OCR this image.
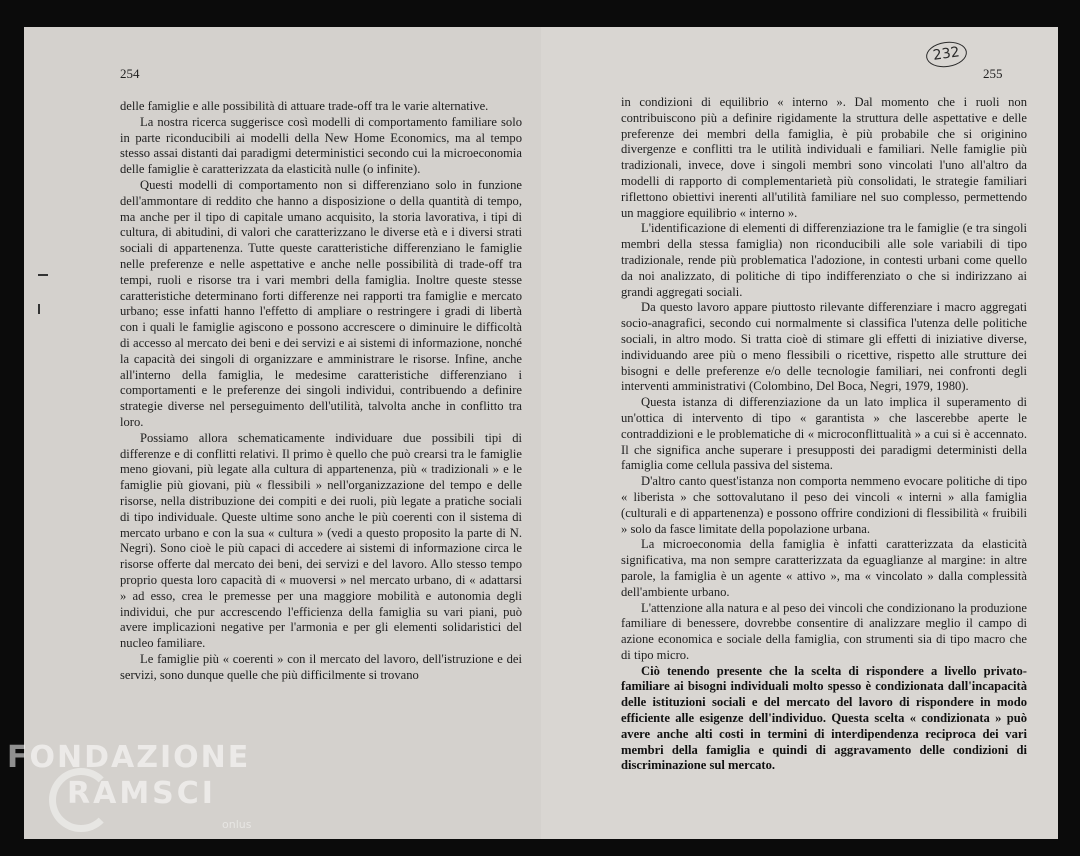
254

delle famiglie e alle possibilità di attuare trade-off tra le varie alternative.

La nostra ricerca suggerisce così modelli di comportamento familiare solo in parte riconducibili ai modelli della New Home Economics, ma al tempo stesso assai distanti dai paradigmi deterministici secondo cui la microeconomia delle famiglie è caratterizzata da elasticità nulle (o infinite).

Questi modelli di comportamento non si differenziano solo in funzione dell'ammontare di reddito che hanno a disposizione o della quantità di tempo, ma anche per il tipo di capitale umano acquisito, la storia lavorativa, i tipi di cultura, di abitudini, di valori che caratterizzano le diverse età e i diversi strati sociali di appartenenza. Tutte queste caratteristiche differenziano le famiglie nelle preferenze e nelle aspettative e anche nelle possibilità di trade-off tra tempi, ruoli e risorse tra i vari membri della famiglia. Inoltre queste stesse caratteristiche determinano forti differenze nei rapporti tra famiglie e mercato urbano; esse infatti hanno l'effetto di ampliare o restringere i gradi di libertà con i quali le famiglie agiscono e possono accrescere o diminuire le difficoltà di accesso al mercato dei beni e dei servizi e ai sistemi di informazione, nonché la capacità dei singoli di organizzare e amministrare le risorse. Infine, anche all'interno della famiglia, le medesime caratteristiche differenziano i comportamenti e le preferenze dei singoli individui, contribuendo a definire strategie diverse nel perseguimento dell'utilità, talvolta anche in conflitto tra loro.

Possiamo allora schematicamente individuare due possibili tipi di differenze e di conflitti relativi. Il primo è quello che può crearsi tra le famiglie meno giovani, più legate alla cultura di appartenenza, più « tradizionali » e le famiglie più giovani, più « flessibili » nell'organizzazione del tempo e delle risorse, nella distribuzione dei compiti e dei ruoli, più legate a pratiche sociali di tipo individuale. Queste ultime sono anche le più coerenti con il sistema di mercato urbano e con la sua « cultura » (vedi a questo proposito la parte di N. Negri). Sono cioè le più capaci di accedere ai sistemi di informazione circa le risorse offerte dal mercato dei beni, dei servizi e del lavoro. Allo stesso tempo proprio questa loro capacità di « muoversi » nel mercato urbano, di « adattarsi » ad esso, crea le premesse per una maggiore mobilità e autonomia degli individui, che pur accrescendo l'efficienza della famiglia su vari piani, può avere implicazioni negative per l'armonia e per gli elementi solidaristici del nucleo familiare.

Le famiglie più « coerenti » con il mercato del lavoro, dell'istruzione e dei servizi, sono dunque quelle che più difficilmente si trovano

232
255

in condizioni di equilibrio « interno ». Dal momento che i ruoli non contribuiscono più a definire rigidamente la struttura delle aspettative e delle preferenze dei membri della famiglia, è più probabile che si originino divergenze e conflitti tra le utilità individuali e familiari. Nelle famiglie più tradizionali, invece, dove i singoli membri sono vincolati l'uno all'altro da modelli di rapporto di complementarietà più consolidati, le strategie familiari riflettono obiettivi inerenti all'utilità familiare nel suo complesso, permettendo un maggiore equilibrio « interno ».

L'identificazione di elementi di differenziazione tra le famiglie (e tra singoli membri della stessa famiglia) non riconducibili alle sole variabili di tipo tradizionale, rende più problematica l'adozione, in contesti urbani come quello da noi analizzato, di politiche di tipo indifferenziato o che si indirizzano ai grandi aggregati sociali.

Da questo lavoro appare piuttosto rilevante differenziare i macro aggregati socio-anagrafici, secondo cui normalmente si classifica l'utenza delle politiche sociali, in altro modo. Si tratta cioè di stimare gli effetti di iniziative diverse, individuando aree più o meno flessibili o ricettive, rispetto alle strutture dei bisogni e delle preferenze e/o delle tecnologie familiari, nei confronti degli interventi amministrativi (Colombino, Del Boca, Negri, 1979, 1980).

Questa istanza di differenziazione da un lato implica il superamento di un'ottica di intervento di tipo « garantista » che lascerebbe aperte le contraddizioni e le problematiche di « microconflittualità » a cui si è accennato. Il che significa anche superare i presupposti dei paradigmi deterministi della famiglia come cellula passiva del sistema.

D'altro canto quest'istanza non comporta nemmeno evocare politiche di tipo « liberista » che sottovalutano il peso dei vincoli « interni » alla famiglia (culturali e di appartenenza) e possono offrire condizioni di flessibilità « fruibili » solo da fasce limitate della popolazione urbana.

La microeconomia della famiglia è infatti caratterizzata da elasticità significativa, ma non sempre caratterizzata da eguaglianze al margine: in altre parole, la famiglia è un agente « attivo », ma « vincolato » dalla complessità dell'ambiente urbano.

L'attenzione alla natura e al peso dei vincoli che condizionano la produzione familiare di benessere, dovrebbe consentire di analizzare meglio il campo di azione economica e sociale della famiglia, con strumenti sia di tipo macro che di tipo micro.

Ciò tenendo presente che la scelta di rispondere a livello privato-familiare ai bisogni individuali molto spesso è condizionata dall'incapacità delle istituzioni sociali e del mercato del lavoro di rispondere in modo efficiente alle esigenze dell'individuo. Questa scelta « condizionata » può avere anche alti costi in termini di interdipendenza reciproca dei vari membri della famiglia e quindi di aggravamento delle condizioni di discriminazione sul mercato.

FONDAZIONE
RAMSCI
onlus
